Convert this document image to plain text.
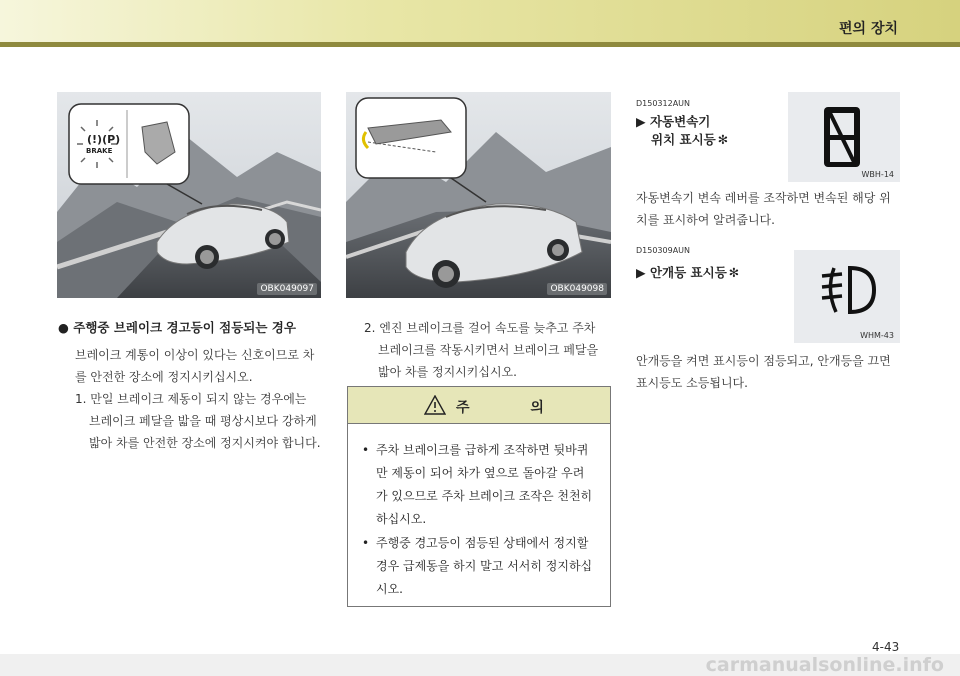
편의 장치
(!)(P)
BRAKE
OBK049097	OBK049098
● 주행중 브레이크 경고등이 점등되는 경우
브레이크 계통이 이상이 있다는 신호이므로 차
를 안전한 장소에 정지시키십시오.
1. 만일 브레이크 제동이 되지 않는 경우에는
브레이크 페달을 밟을 때 평상시보다 강하게
밟아 차를 안전한 장소에 정지시켜야 합니다.
2. 엔진 브레이크를 걸어 속도를 늦추고 주차
브레이크를 작동시키면서 브레이크 페달을
밟아 차를 정지시키십시오.
주 의
• 주차 브레이크를 급하게 조작하면 뒷바퀴
만 제동이 되어 차가 옆으로 돌아갈 우려
가 있으므로 주차 브레이크 조작은 천천히
하십시오.
• 주행중 경고등이 점등된 상태에서 정지할
경우 급제동을 하지 말고 서서히 정지하십
시오.
D150312AUN
▶ 자동변속기
위치 표시등 ✻
WBH-14
자동변속기 변속 레버를 조작하면 변속된 해당 위
치를 표시하여 알려줍니다.
D150309AUN
▶ 안개등 표시등 ✻
WHM-43
안개등을 켜면 표시등이 점등되고, 안개등을 끄면
표시등도 소등됩니다.
4-43
carmanualsonline.info
